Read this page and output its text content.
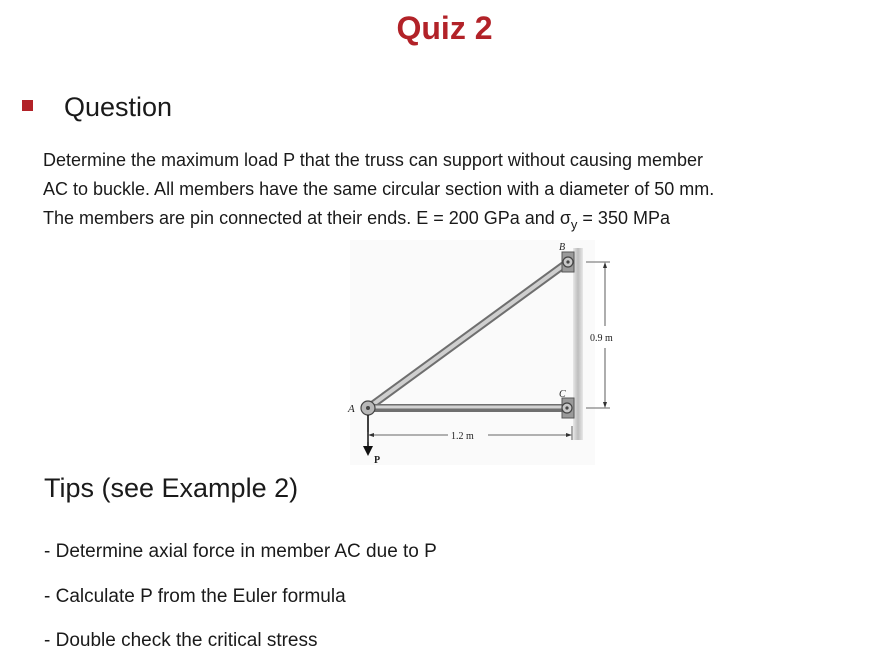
Quiz 2
Question
Determine the maximum load P that the truss can support without causing member
AC to buckle. All members have the same circular section with a diameter of 50 mm.
The members are pin connected at their ends. E = 200 GPa and $\sigma_y = 350$ MPa
A
B
C
P
1.2 m
0.9 m
Tips (see Example 2)
- Determine axial force in member AC due to P
- Calculate P from the Euler formula
- Double check the critical stress
